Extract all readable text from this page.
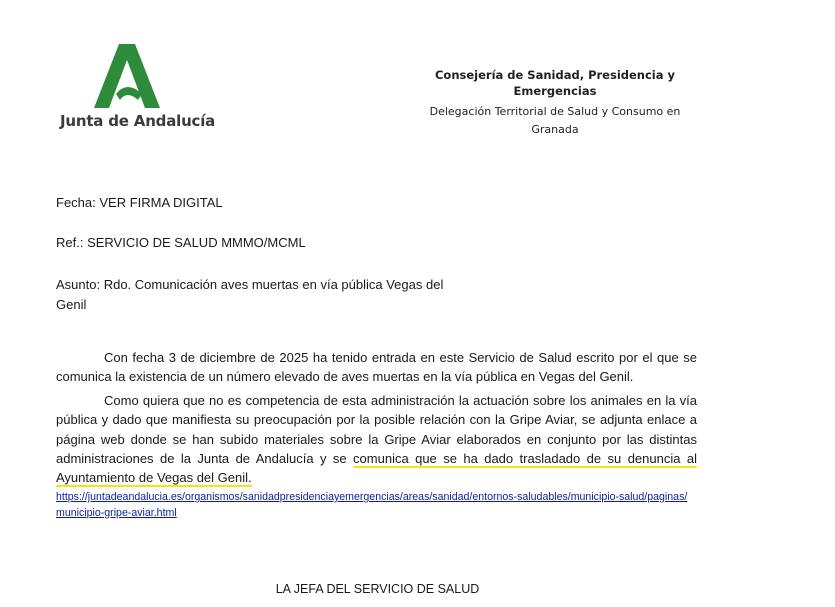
Junta de Andalucía
Consejería de Sanidad, Presidencia y Emergencias
Delegación Territorial de Salud y Consumo en Granada
Fecha: VER FIRMA DIGITAL
Ref.: SERVICIO DE SALUD MMMO/MCML
Asunto: Rdo. Comunicación aves muertas en vía pública Vegas del Genil

Con fecha 3 de diciembre de 2025 ha tenido entrada en este Servicio de Salud escrito por el que se comunica la existencia de un número elevado de aves muertas en la vía pública en Vegas del Genil.

Como quiera que no es competencia de esta administración la actuación sobre los animales en la vía pública y dado que manifiesta su preocupación por la posible relación con la Gripe Aviar, se adjunta enlace a página web donde se han subido materiales sobre la Gripe Aviar elaborados en conjunto por las distintas administraciones de la Junta de Andalucía y se comunica que se ha dado trasladado de su denuncia al Ayuntamiento de Vegas del Genil.

https://juntadeandalucia.es/organismos/sanidadpresidenciayemergencias/areas/sanidad/entornos-saludables/municipio-salud/paginas/municipio-gripe-aviar.html
LA JEFA DEL SERVICIO DE SALUD
